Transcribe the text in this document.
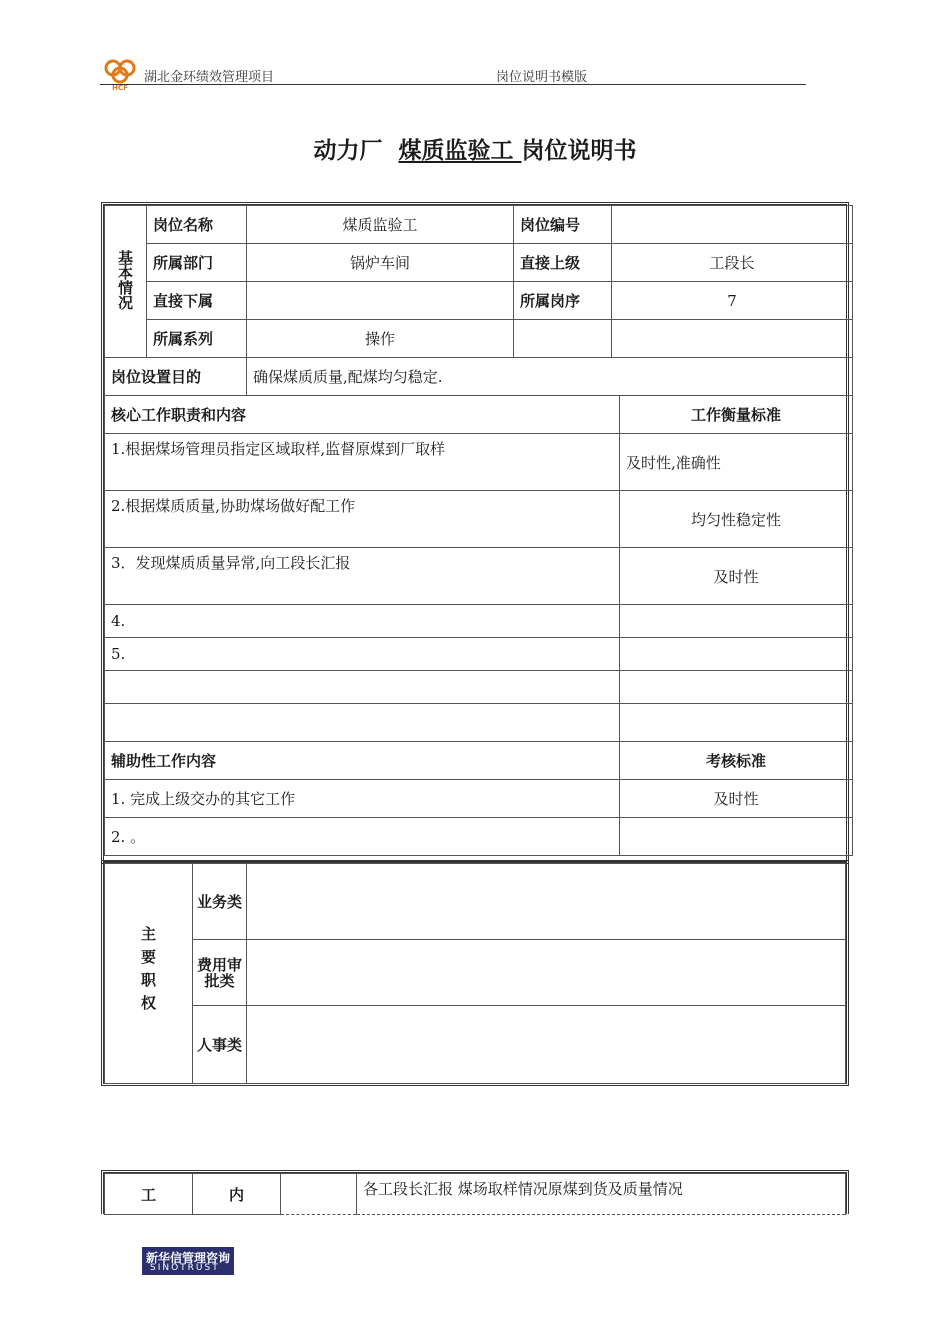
HCF
湖北金环绩效管理项目	岗位说明书模版
动力厂 煤质监验工 岗位说明书
基本情况	岗位名称	煤质监验工	岗位编号		
	所属部门	锅炉车间	直接上级	工段长	
	直接下属		所属岗序	7	
	所属系列	操作			
岗位设置目的		确保煤质质量,配煤均匀稳定.			
核心工作职责和内容					工作衡量标准
1.根据煤场管理员指定区域取样,监督原煤到厂取样					及时性,准确性
2.根据煤质质量,协助煤场做好配工作					均匀性稳定性
3．发现煤质质量异常,向工段长汇报					及时性
4.					
5.					

辅助性工作内容					考核标准
1. 完成上级交办的其它工作					及时性
2. 。					
主要职权	业务类	
	费用审批类	
	人事类	
工	内		各工段长汇报 煤场取样情况原煤到货及质量情况
新华信管理咨询
SINOTRUST
